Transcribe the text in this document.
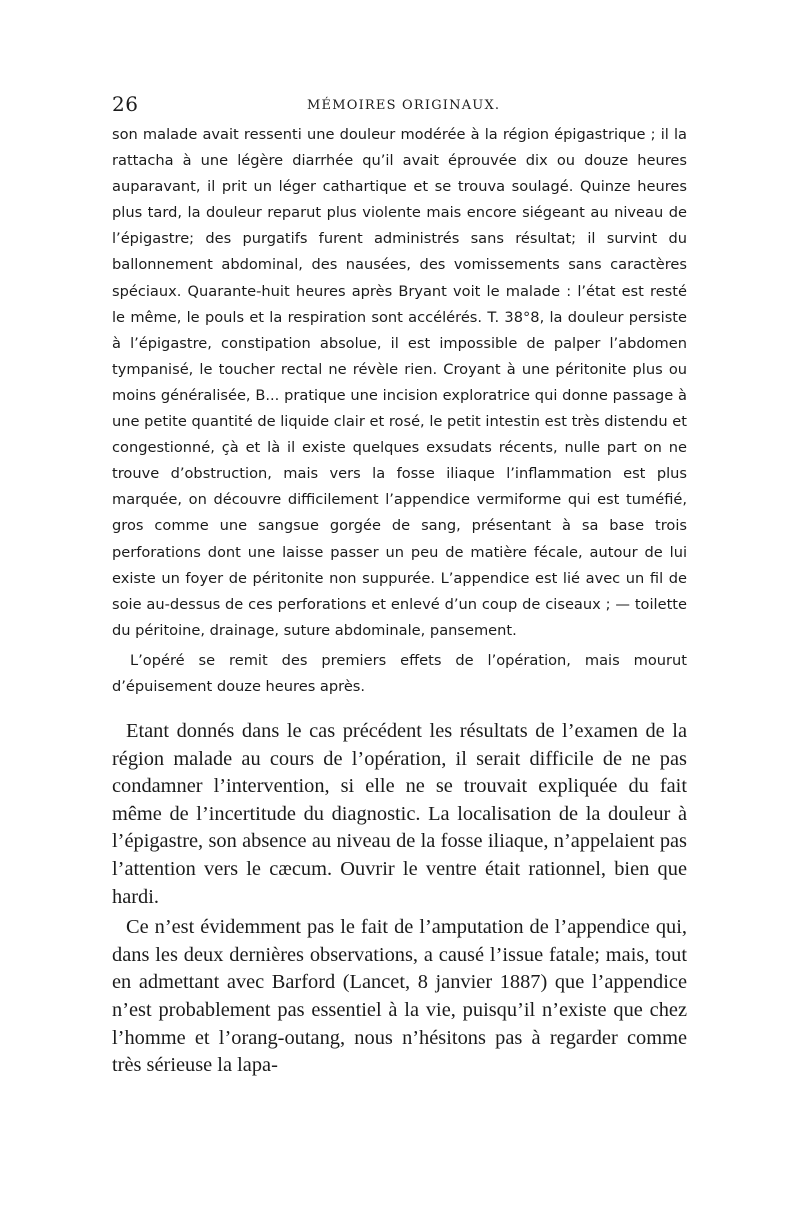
26	MÉMOIRES ORIGINAUX.

son malade avait ressenti une douleur modérée à la région épigastrique ; il la rattacha à une légère diarrhée qu’il avait éprouvée dix ou douze heures auparavant, il prit un léger cathartique et se trouva soulagé. Quinze heures plus tard, la douleur reparut plus violente mais encore siégeant au niveau de l’épigastre; des purgatifs furent administrés sans résultat; il survint du ballonnement abdominal, des nausées, des vomissements sans caractères spéciaux. Quarante-huit heures après Bryant voit le malade : l’état est resté le même, le pouls et la respiration sont accélérés. T. 38°8, la douleur persiste à l’épigastre, constipation absolue, il est impossible de palper l’abdomen tympanisé, le toucher rectal ne révèle rien. Croyant à une péritonite plus ou moins généralisée, B... pratique une incision exploratrice qui donne passage à une petite quantité de liquide clair et rosé, le petit intestin est très distendu et congestionné, çà et là il existe quelques exsudats récents, nulle part on ne trouve d’obstruction, mais vers la fosse iliaque l’inflammation est plus marquée, on découvre difficilement l’appendice vermiforme qui est tuméfié, gros comme une sangsue gorgée de sang, présentant à sa base trois perforations dont une laisse passer un peu de matière fécale, autour de lui existe un foyer de péritonite non suppurée. L’appendice est lié avec un fil de soie au-dessus de ces perforations et enlevé d’un coup de ciseaux ; — toilette du péritoine, drainage, suture abdominale, pansement.

L’opéré se remit des premiers effets de l’opération, mais mourut d’épuisement douze heures après.

Etant donnés dans le cas précédent les résultats de l’examen de la région malade au cours de l’opération, il serait difficile de ne pas condamner l’intervention, si elle ne se trouvait expliquée du fait même de l’incertitude du diagnostic. La localisation de la douleur à l’épigastre, son absence au niveau de la fosse iliaque, n’appelaient pas l’attention vers le cæcum. Ouvrir le ventre était rationnel, bien que hardi.

Ce n’est évidemment pas le fait de l’amputation de l’appendice qui, dans les deux dernières observations, a causé l’issue fatale; mais, tout en admettant avec Barford (Lancet, 8 janvier 1887) que l’appendice n’est probablement pas essentiel à la vie, puisqu’il n’existe que chez l’homme et l’orang-outang, nous n’hésitons pas à regarder comme très sérieuse la lapa-
